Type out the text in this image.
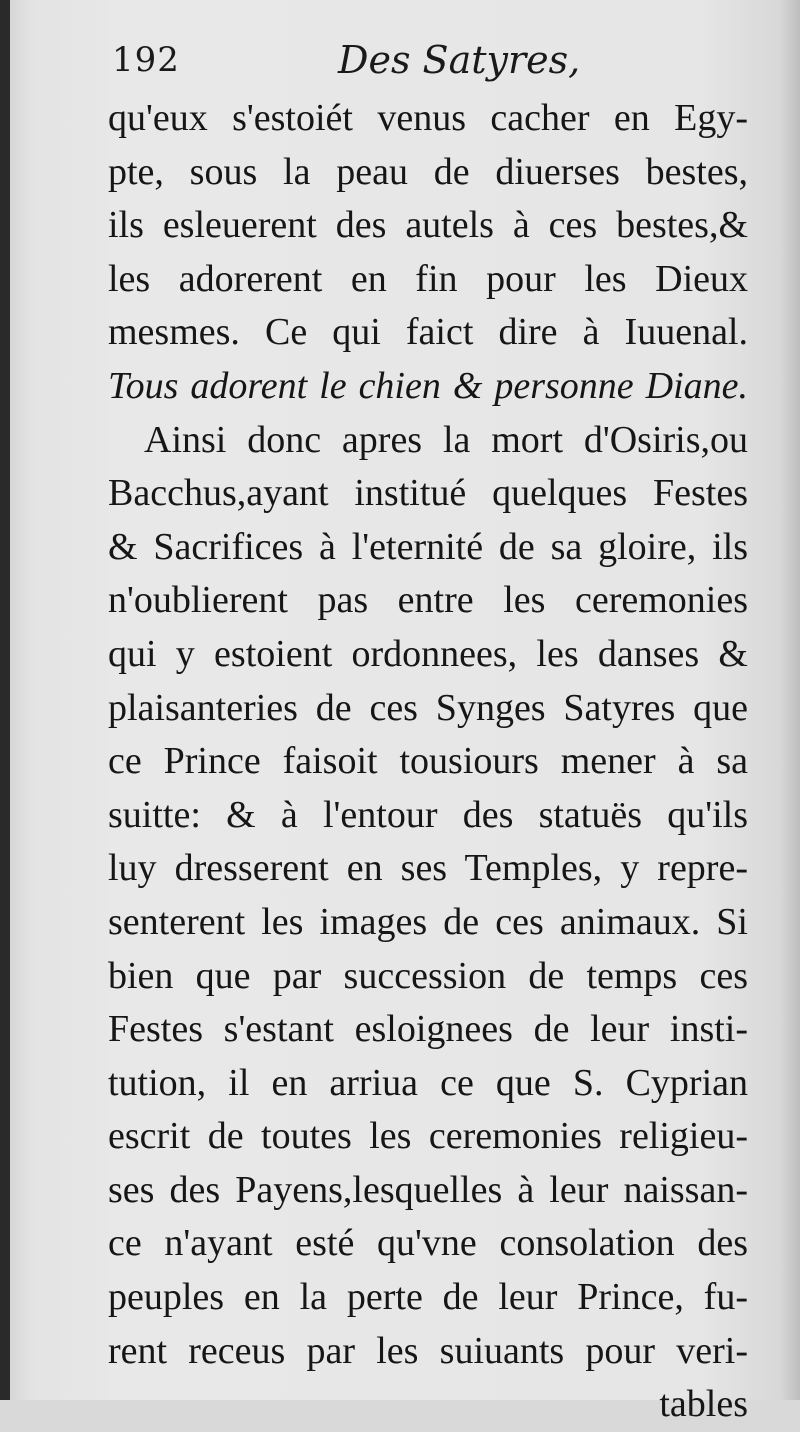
192	Des Satyres,
qu'eux s'estoiét venus cacher en Egy-
pte, sous la peau de diuerses bestes,
ils esleuerent des autels à ces bestes,&
les adorerent en fin pour les Dieux
mesmes. Ce qui faict dire à Iuuenal.
Tous adorent le chien & personne Diane.
Ainsi donc apres la mort d'Osiris,ou
Bacchus,ayant institué quelques Festes
& Sacrifices à l'eternité de sa gloire, ils
n'oublierent pas entre les ceremonies
qui y estoient ordonnees, les danses &
plaisanteries de ces Synges Satyres que
ce Prince faisoit tousiours mener à sa
suitte: & à l'entour des statuës qu'ils
luy dresserent en ses Temples, y repre-
senterent les images de ces animaux. Si
bien que par succession de temps ces
Festes s'estant esloignees de leur insti-
tution, il en arriua ce que S. Cyprian
escrit de toutes les ceremonies religieu-
ses des Payens,lesquelles à leur naissan-
ce n'ayant esté qu'vne consolation des
peuples en la perte de leur Prince, fu-
rent receus par les suiuants pour veri-
tables
